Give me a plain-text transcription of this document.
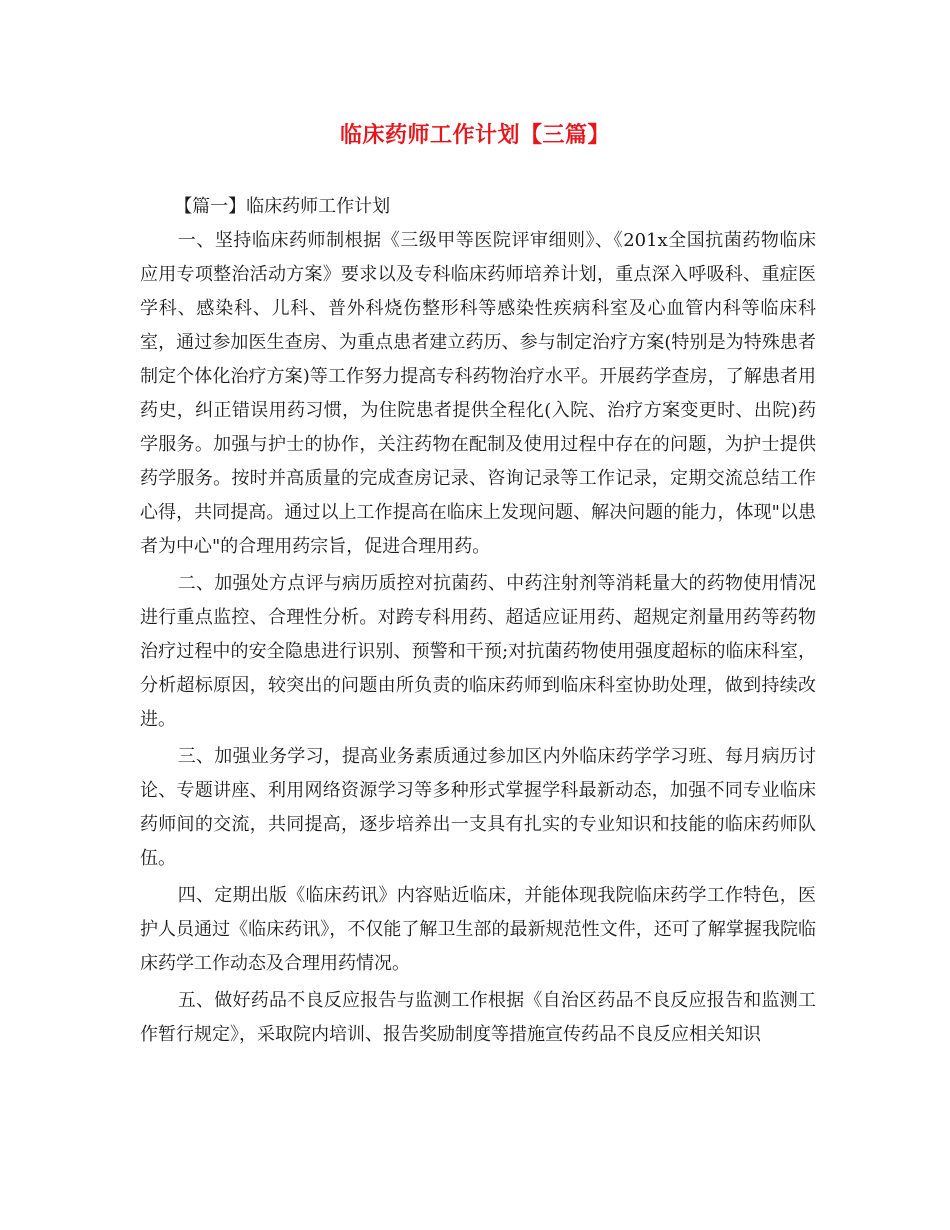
临床药师工作计划【三篇】
【篇一】临床药师工作计划

一、坚持临床药师制根据《三级甲等医院评审细则》、《201x全国抗菌药物临床应用专项整治活动方案》要求以及专科临床药师培养计划，重点深入呼吸科、重症医学科、感染科、儿科、普外科烧伤整形科等感染性疾病科室及心血管内科等临床科室，通过参加医生查房、为重点患者建立药历、参与制定治疗方案(特别是为特殊患者制定个体化治疗方案)等工作努力提高专科药物治疗水平。开展药学查房，了解患者用药史，纠正错误用药习惯，为住院患者提供全程化(入院、治疗方案变更时、出院)药学服务。加强与护士的协作，关注药物在配制及使用过程中存在的问题，为护士提供药学服务。按时并高质量的完成查房记录、咨询记录等工作记录，定期交流总结工作心得，共同提高。通过以上工作提高在临床上发现问题、解决问题的能力，体现"以患者为中心"的合理用药宗旨，促进合理用药。

二、加强处方点评与病历质控对抗菌药、中药注射剂等消耗量大的药物使用情况进行重点监控、合理性分析。对跨专科用药、超适应证用药、超规定剂量用药等药物治疗过程中的安全隐患进行识别、预警和干预;对抗菌药物使用强度超标的临床科室，分析超标原因，较突出的问题由所负责的临床药师到临床科室协助处理，做到持续改进。

三、加强业务学习，提高业务素质通过参加区内外临床药学学习班、每月病历讨论、专题讲座、利用网络资源学习等多种形式掌握学科最新动态，加强不同专业临床药师间的交流，共同提高，逐步培养出一支具有扎实的专业知识和技能的临床药师队伍。

四、定期出版《临床药讯》内容贴近临床，并能体现我院临床药学工作特色，医护人员通过《临床药讯》，不仅能了解卫生部的最新规范性文件，还可了解掌握我院临床药学工作动态及合理用药情况。

五、做好药品不良反应报告与监测工作根据《自治区药品不良反应报告和监测工作暂行规定》，采取院内培训、报告奖励制度等措施宣传药品不良反应相关知识
